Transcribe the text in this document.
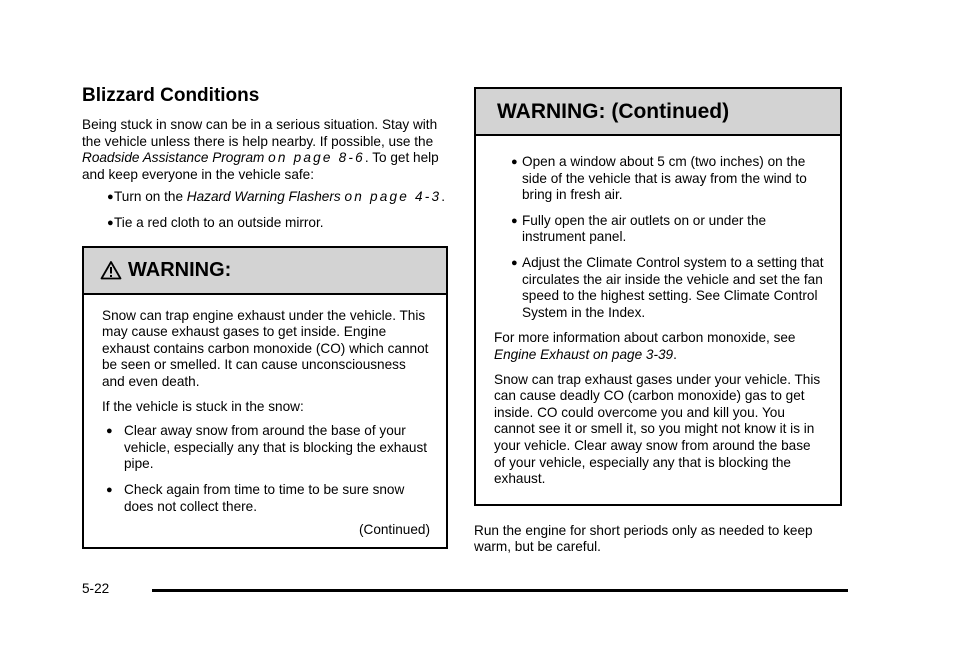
Blizzard Conditions

Being stuck in snow can be in a serious situation. Stay with the vehicle unless there is help nearby. If possible, use the Roadside Assistance Program on page 8-6. To get help and keep everyone in the vehicle safe:

● Turn on the Hazard Warning Flashers on page 4-3.
● Tie a red cloth to an outside mirror.
WARNING:

Snow can trap engine exhaust under the vehicle. This may cause exhaust gases to get inside. Engine exhaust contains carbon monoxide (CO) which cannot be seen or smelled. It can cause unconsciousness and even death.

If the vehicle is stuck in the snow:

● Clear away snow from around the base of your vehicle, especially any that is blocking the exhaust pipe.
● Check again from time to time to be sure snow does not collect there.
(Continued)
WARNING: (Continued)
● Open a window about 5 cm (two inches) on the side of the vehicle that is away from the wind to bring in fresh air.
● Fully open the air outlets on or under the instrument panel.
● Adjust the Climate Control system to a setting that circulates the air inside the vehicle and set the fan speed to the highest setting. See Climate Control System in the Index.

For more information about carbon monoxide, see
Engine Exhaust on page 3-39.

Snow can trap exhaust gases under your vehicle. This can cause deadly CO (carbon monoxide) gas to get inside. CO could overcome you and kill you. You cannot see it or smell it, so you might not know it is in your vehicle. Clear away snow from around the base of your vehicle, especially any that is blocking the exhaust.

Run the engine for short periods only as needed to keep warm, but be careful.

5-22
